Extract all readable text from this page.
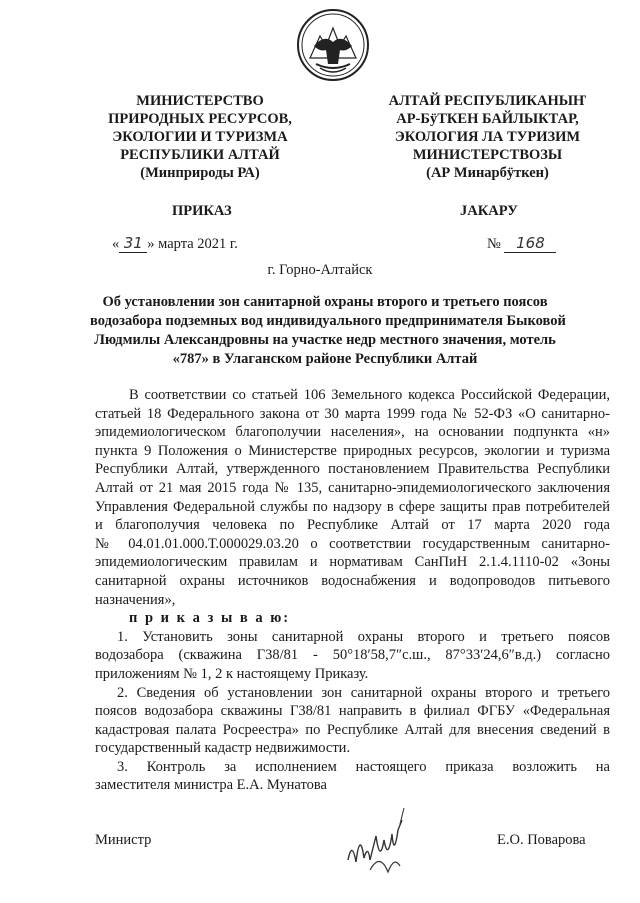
МИНИСТЕРСТВО
ПРИРОДНЫХ РЕСУРСОВ,
ЭКОЛОГИИ И ТУРИЗМА
РЕСПУБЛИКИ АЛТАЙ
(Минприроды РА)
АЛТАЙ РЕСПУБЛИКАНЫҤ
АР-БÿТКЕН БАЙЛЫКТАР,
ЭКОЛОГИЯ ЛА ТУРИЗИМ
МИНИСТЕРСТВОЗЫ
(АР Минарбÿткен)
ПРИКАЗ	JАКАРУ
« 31 » марта 2021 г.	№ 168
г. Горно-Алтайск
Об установлении зон санитарной охраны второго и третьего поясов
водозабора подземных вод индивидуального предпринимателя Быковой
Людмилы Александровны на участке недр местного значения, мотель
«787» в Улаганском районе Республики Алтай
В соответствии со статьей 106 Земельного кодекса Российской Федерации,
статьей 18 Федерального закона от 30 марта 1999 года № 52-ФЗ «О санитарно-
эпидемиологическом благополучии населения», на основании подпункта «н»
пункта 9 Положения о Министерстве природных ресурсов, экологии и туризма
Республики Алтай, утвержденного постановлением Правительства Республики
Алтай от 21 мая 2015 года № 135, санитарно-эпидемиологического заключения
Управления Федеральной службы по надзору в сфере защиты прав потребителей
и благополучия человека по Республике Алтай от 17 марта 2020 года
№ 04.01.01.000.Т.000029.03.20 о соответствии государственным санитарно-
эпидемиологическим правилам и нормативам СанПиН 2.1.4.1110-02 «Зоны
санитарной охраны источников водоснабжения и водопроводов питьевого
назначения»,
п р и к а з ы в а ю:
1. Установить зоны санитарной охраны второго и третьего поясов
водозабора (скважина Г38/81 - 50°18′58,7″с.ш., 87°33′24,6″в.д.) согласно
приложениям № 1, 2 к настоящему Приказу.
2. Сведения об установлении зон санитарной охраны второго и третьего
поясов водозабора скважины Г38/81 направить в филиал ФГБУ «Федеральная
кадастровая палата Росреестра» по Республике Алтай для внесения сведений в
государственный кадастр недвижимости.
3. Контроль за исполнением настоящего приказа возложить на
заместителя министра Е.А. Мунатова
Министр	Е.О. Поварова
